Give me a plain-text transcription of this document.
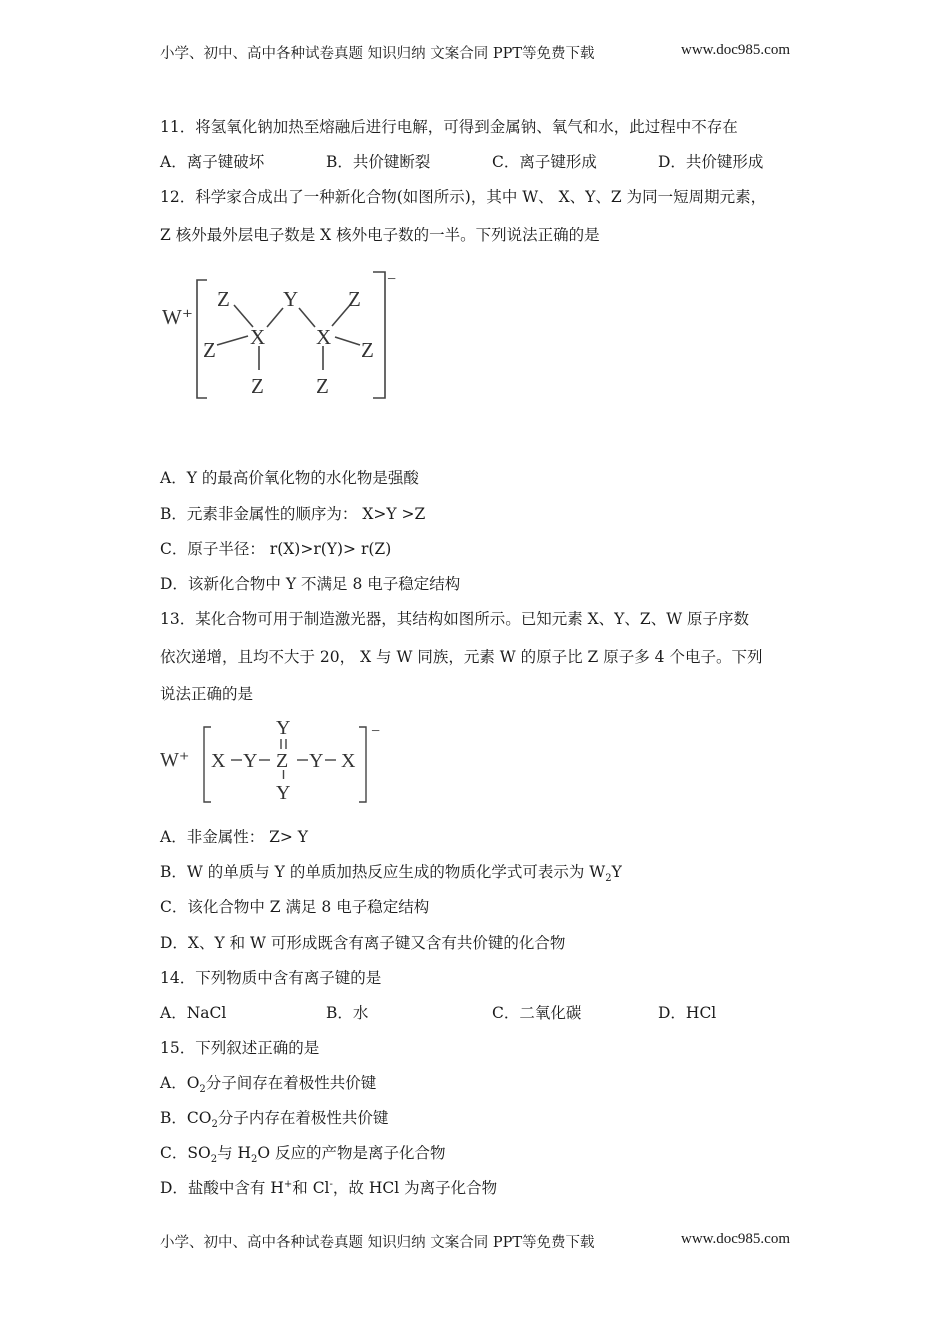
小学、初中、高中各种试卷真题 知识归纳 文案合同 PPT等免费下载	www.doc985.com
11．将氢氧化钠加热至熔融后进行电解，可得到金属钠、氧气和水，此过程中不存在
A．离子键破坏	B．共价键断裂	C．离子键形成	D．共价键形成
12．科学家合成出了一种新化合物(如图所示)，其中 W、 X、Y、Z 为同一短周期元素，
Z 核外最外层电子数是 X 核外电子数的一半。下列说法正确的是
W⁺
−
Z	Y Z
Z
X X
Z
Z Z
A．Y 的最高价氧化物的水化物是强酸
B．元素非金属性的顺序为： X>Y >Z
C．原子半径： r(X)>r(Y)> r(Z)
D．该新化合物中 Y 不满足 8 电子稳定结构
13．某化合物可用于制造激光器，其结构如图所示。已知元素 X、Y、Z、W 原子序数
依次递增，且均不大于 20， X 与 W 同族，元素 W 的原子比 Z 原子多 4 个电子。下列
说法正确的是
W⁺
−
Y
X Y Z Y X
Y
A．非金属性： Z> Y
B．W 的单质与 Y 的单质加热反应生成的物质化学式可表示为 $W_2Y$
C．该化合物中 Z 满足 8 电子稳定结构
D．X、Y 和 W 可形成既含有离子键又含有共价键的化合物
14．下列物质中含有离子键的是
A．NaCl	B．水	C．二氧化碳	D．HCl
15．下列叙述正确的是
A．$O_2$分子间存在着极性共价键
B．$CO_2$分子内存在着极性共价键
C．$SO_2$与 $H_2O$ 反应的产物是离子化合物
D．盐酸中含有 H+和 Cl-，故 HCl 为离子化合物
小学、初中、高中各种试卷真题 知识归纳 文案合同 PPT等免费下载	www.doc985.com
